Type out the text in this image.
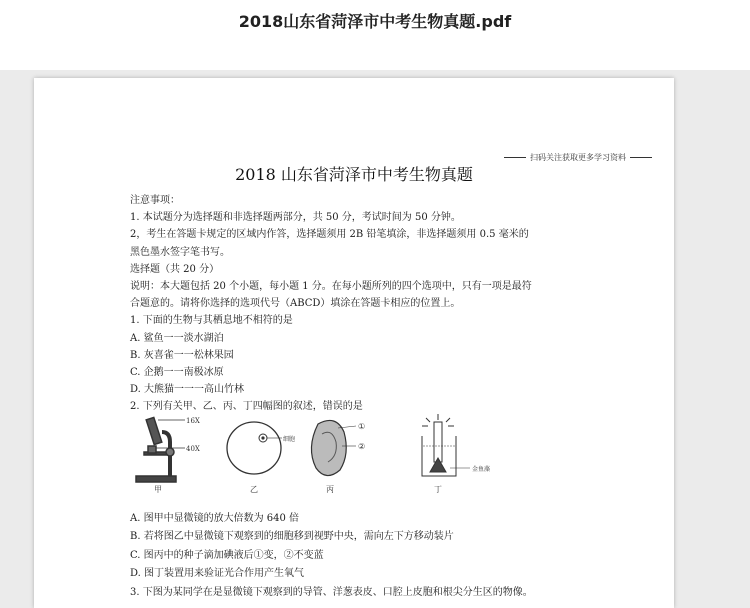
2018山东省菏泽市中考生物真题.pdf
扫码关注获取更多学习资料
2018 山东省菏泽市中考生物真题
注意事项：
1. 本试题分为选择题和非选择题两部分，共 50 分，考试时间为 50 分钟。
2，考生在答题卡规定的区域内作答，选择题须用 2B 铅笔填涂，非选择题须用 0.5 毫米的
黑色墨水签字笔书写。
选择题（共 20 分）
说明：本大题包括 20 个小题，每小题 1 分。在每小题所列的四个选项中，只有一项是最符
合题意的。请将你选择的选项代号（ABCD）填涂在答题卡相应的位置上。
1. 下面的生物与其栖息地不相符的是
A. 鲨鱼一一淡水湖泊
B. 灰喜雀一一松林果园
C. 企鹅一一南极冰原
D. 大熊猫一一一高山竹林
2. 下列有关甲、乙、丙、丁四幅图的叙述，错误的是
16X
40X
甲
细胞
乙
①
②
丙
金鱼藻
丁
A. 图甲中显微镜的放大倍数为 640 倍
B. 若将图乙中显微镜下观察到的细胞移到视野中央，需向左下方移动装片
C. 图丙中的种子滴加碘液后①变，②不变蓝
D. 图丁装置用来验证光合作用产生氧气
3. 下图为某同学在是显微镜下观察到的导管、洋葱表皮、口腔上皮胞和根尖分生区的物像。
